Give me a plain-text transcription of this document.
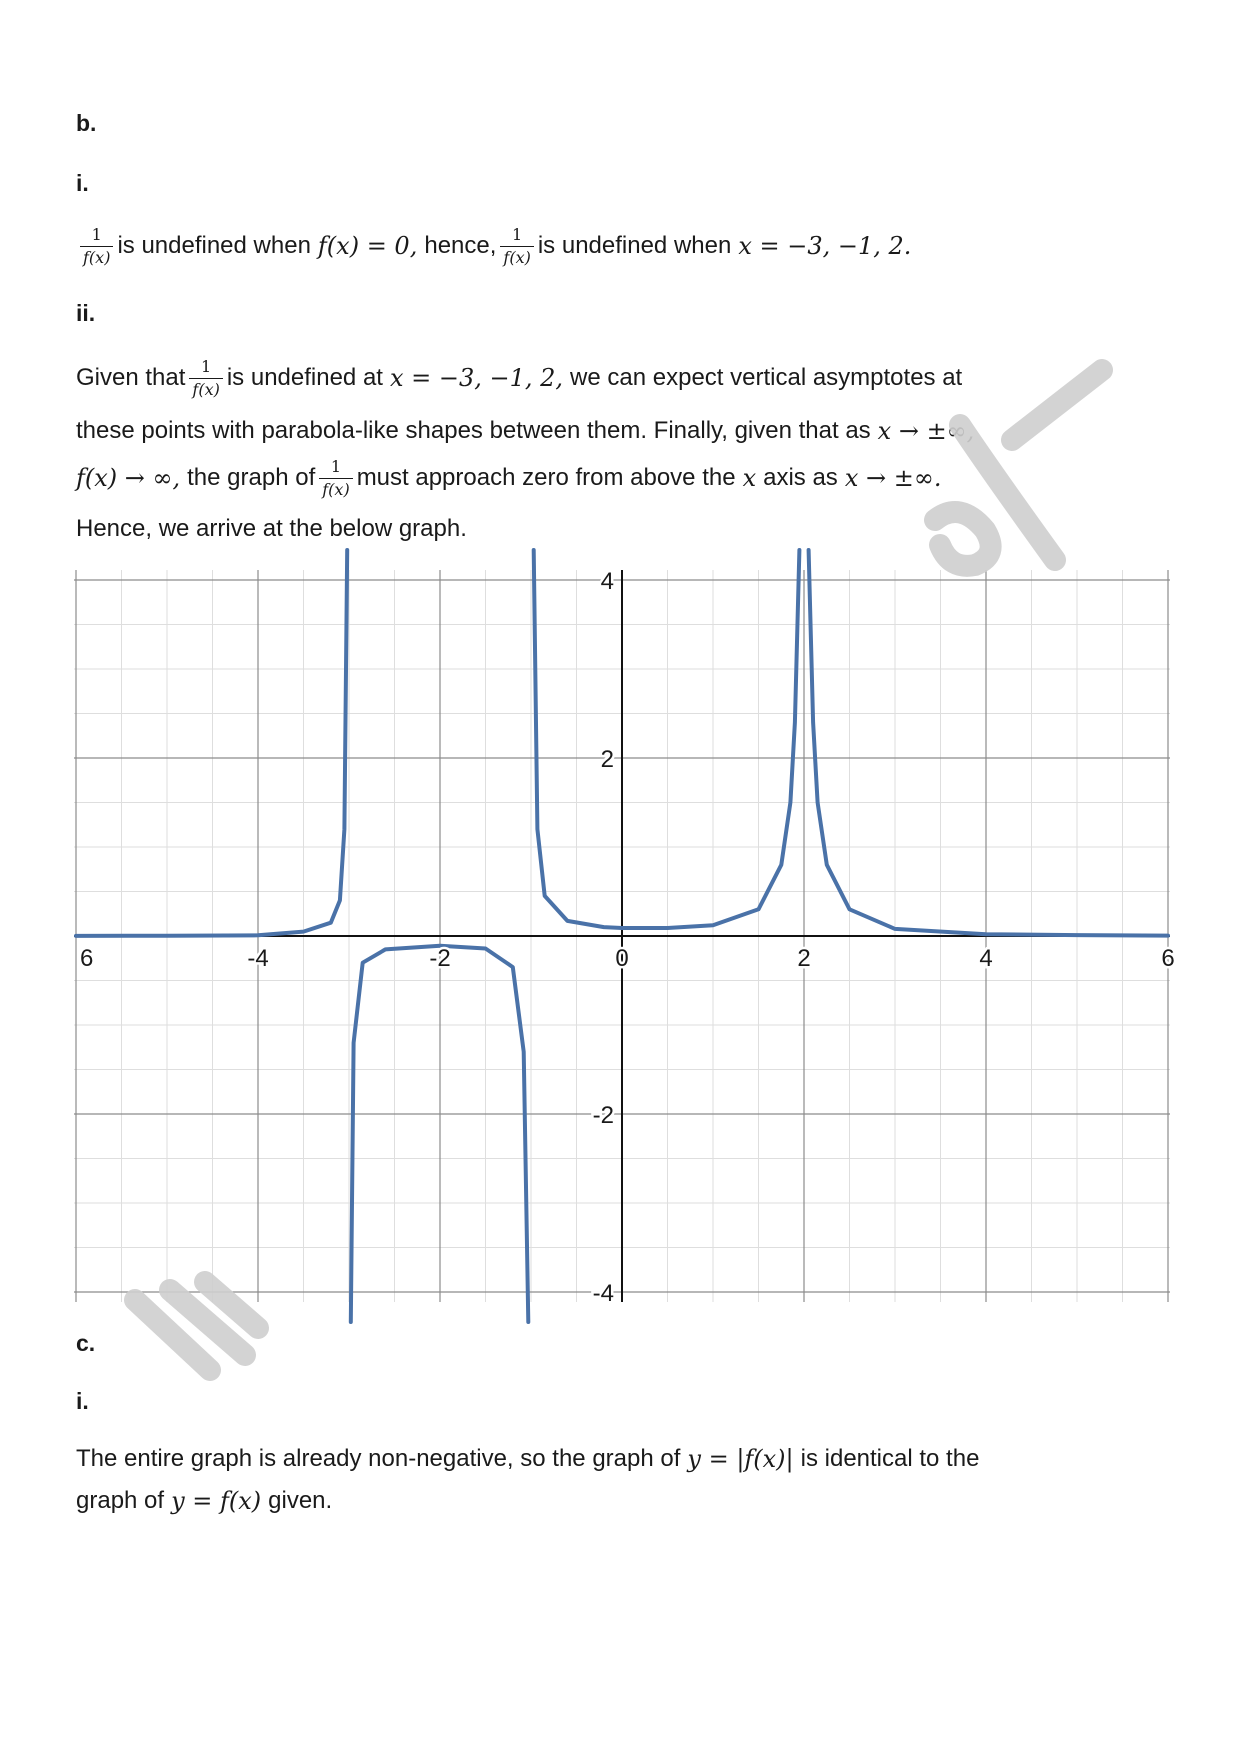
b.
i.
$\frac{1}{f(x)}$ is undefined when f(x) = 0, hence, $\frac{1}{f(x)}$ is undefined when x = −3, −1, 2.
ii.
Given that $\frac{1}{f(x)}$ is undefined at x = −3, −1, 2, we can expect vertical asymptotes at
these points with parabola-like shapes between them. Finally, given that as x → ±∞,
f(x) → ∞, the graph of $\frac{1}{f(x)}$ must approach zero from above the x axis as x → ±∞.
Hence, we arrive at the below graph.
6	-4	-2	0	2	4	6
4
2
-2
-4
c.
i.
The entire graph is already non-negative, so the graph of y = |f(x)| is identical to the
graph of y = f(x) given.
